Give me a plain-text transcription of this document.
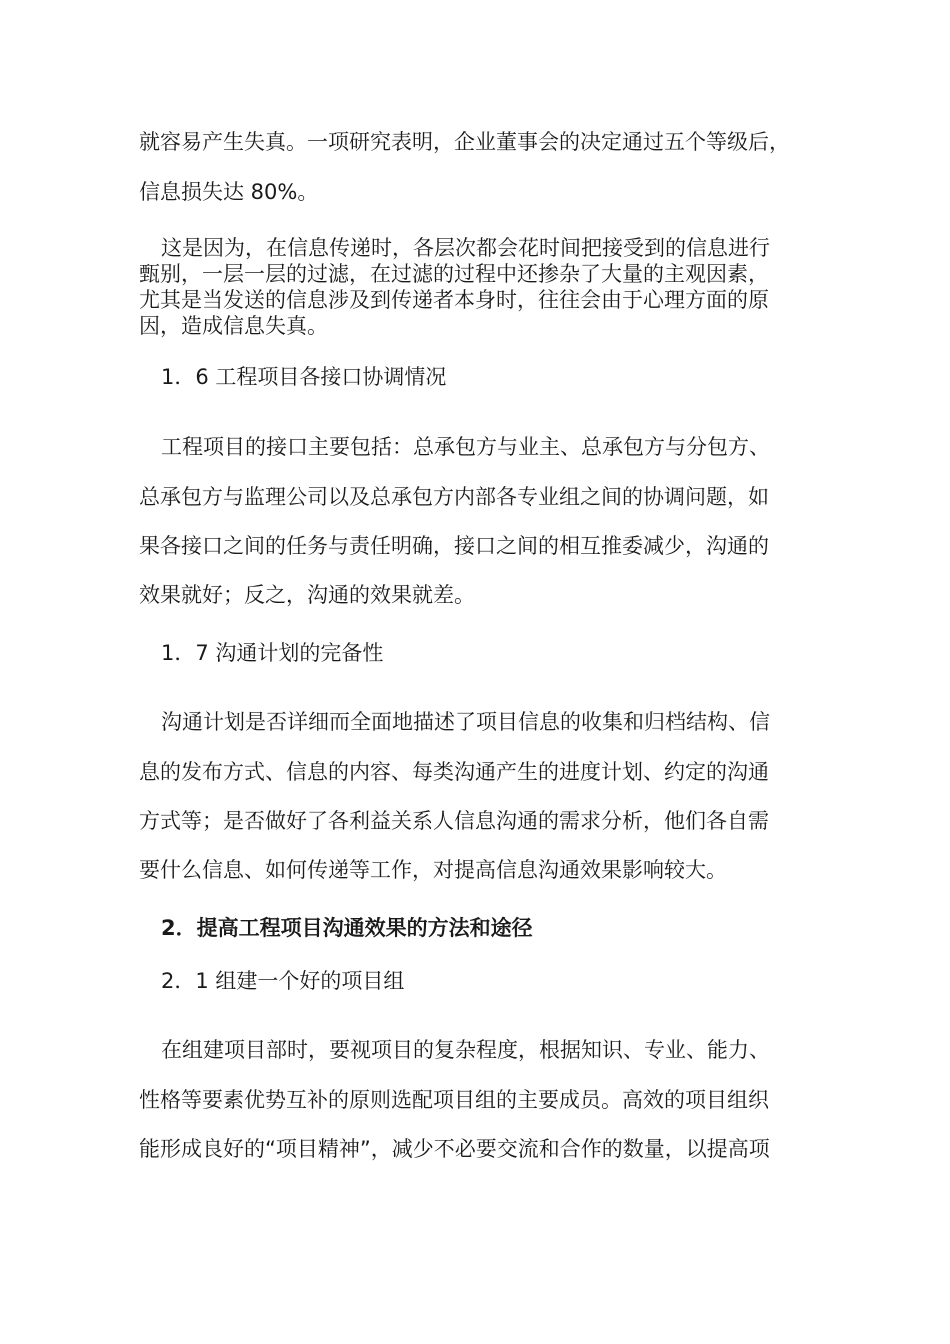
就容易产生失真。一项研究表明，企业董事会的决定通过五个等级后，
信息损失达 80%。
这是因为，在信息传递时，各层次都会花时间把接受到的信息进行
甄别，一层一层的过滤，在过滤的过程中还掺杂了大量的主观因素，
尤其是当发送的信息涉及到传递者本身时，往往会由于心理方面的原
因，造成信息失真。
1．6 工程项目各接口协调情况
工程项目的接口主要包括：总承包方与业主、总承包方与分包方、
总承包方与监理公司以及总承包方内部各专业组之间的协调问题，如
果各接口之间的任务与责任明确，接口之间的相互推委减少，沟通的
效果就好；反之，沟通的效果就差。
1．7 沟通计划的完备性
沟通计划是否详细而全面地描述了项目信息的收集和归档结构、信
息的发布方式、信息的内容、每类沟通产生的进度计划、约定的沟通
方式等；是否做好了各利益关系人信息沟通的需求分析，他们各自需
要什么信息、如何传递等工作，对提高信息沟通效果影响较大。
2．提高工程项目沟通效果的方法和途径
2．1 组建一个好的项目组
在组建项目部时，要视项目的复杂程度，根据知识、专业、能力、
性格等要素优势互补的原则选配项目组的主要成员。高效的项目组织
能形成良好的“项目精神”，减少不必要交流和合作的数量，以提高项
